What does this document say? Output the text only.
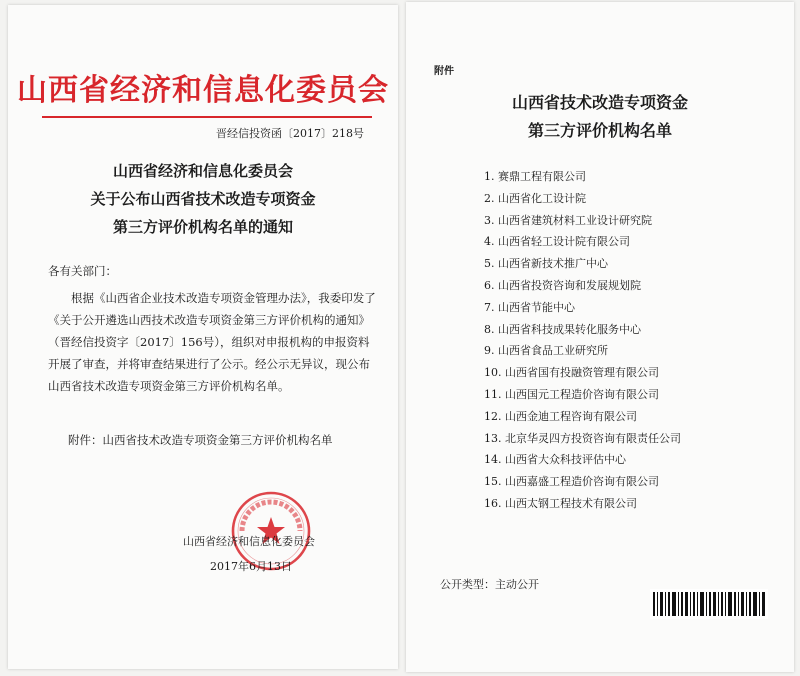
山西省经济和信息化委员会
晋经信投资函〔2017〕218号
山西省经济和信息化委员会
关于公布山西省技术改造专项资金
第三方评价机构名单的通知
各有关部门：
根据《山西省企业技术改造专项资金管理办法》，我委印发了《关于公开遴选山西技术改造专项资金第三方评价机构的通知》（晋经信投资字〔2017〕156号），组织对申报机构的申报资料开展了审查，并将审查结果进行了公示。经公示无异议，现公布山西省技术改造专项资金第三方评价机构名单。
附件：山西省技术改造专项资金第三方评价机构名单
山西省经济和信息化委员会
2017年6月13日
附件
山西省技术改造专项资金
第三方评价机构名单
1. 赛鼎工程有限公司
2. 山西省化工设计院
3. 山西省建筑材料工业设计研究院
4. 山西省轻工设计院有限公司
5. 山西省新技术推广中心
6. 山西省投资咨询和发展规划院
7. 山西省节能中心
8. 山西省科技成果转化服务中心
9. 山西省食品工业研究所
10. 山西省国有投融资管理有限公司
11. 山西国元工程造价咨询有限公司
12. 山西金迪工程咨询有限公司
13. 北京华灵四方投资咨询有限责任公司
14. 山西省大众科技评估中心
15. 山西嘉盛工程造价咨询有限公司
16. 山西太钢工程技术有限公司
公开类型：主动公开
